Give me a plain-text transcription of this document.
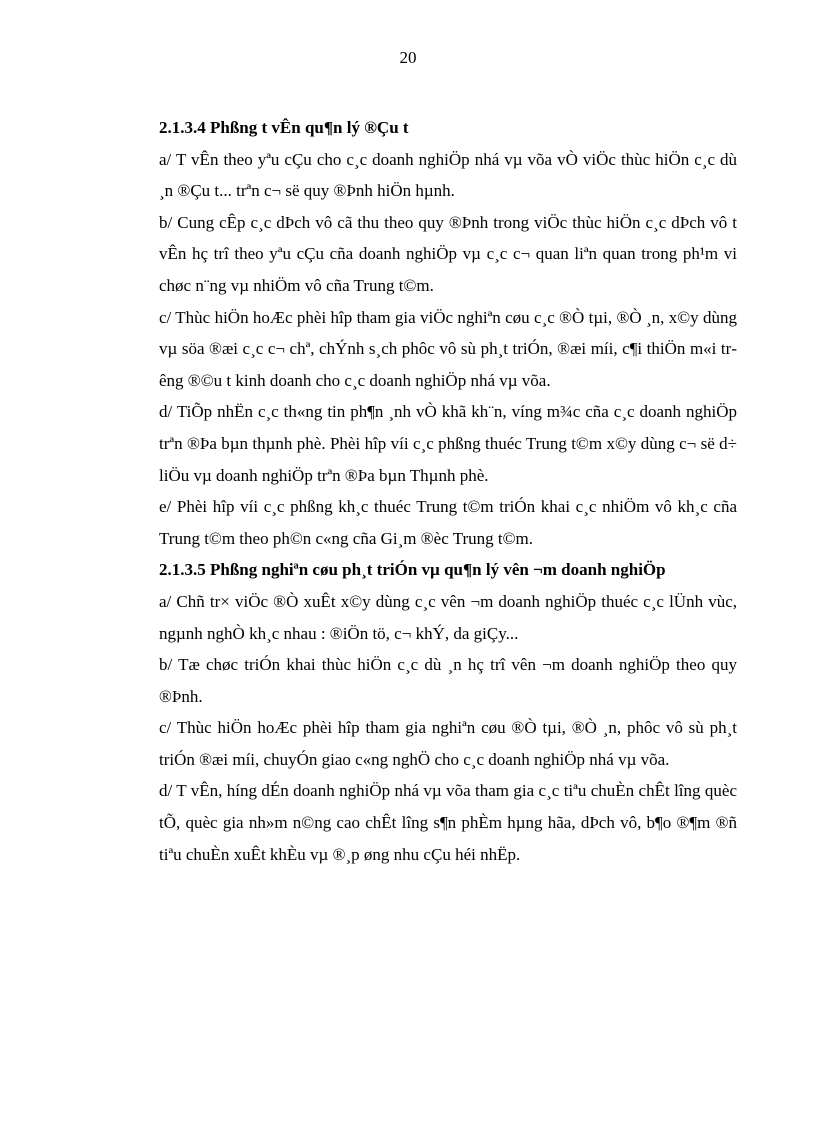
20
2.1.3.4 Phßng t vÊn qu¶n lý ®Çu t

a/ T vÊn theo yªu cÇu cho c¸c doanh nghiÖp nhá vµ võa vÒ viÖc thùc hiÖn c¸c dù ¸n ®Çu t... trªn c¬ së quy ®Þnh hiÖn hµnh.

b/ Cung cÊp c¸c dÞch vô cã thu theo quy ®Þnh trong viÖc thùc hiÖn c¸c dÞch vô t vÊn hç trî theo yªu cÇu cña doanh nghiÖp vµ c¸c c¬ quan liªn quan trong ph¹m vi chøc n¨ng vµ nhiÖm vô cña Trung t©m.

c/ Thùc hiÖn hoÆc phèi hîp tham gia viÖc nghiªn cøu c¸c ®Ò tµi, ®Ò ¸n, x©y dùng vµ söa ®æi c¸c c¬ chª, chÝnh s¸ch phôc vô sù ph¸t triÓn, ®æi míi, c¶i thiÖn m«i trêng ®©u t kinh doanh cho c¸c doanh nghiÖp nhá vµ võa.

d/ TiÕp nhËn c¸c th«ng tin ph¶n ¸nh vÒ khã kh¨n, víng m¾c cña c¸c doanh nghiÖp trªn ®Þa bµn thµnh phè. Phèi hîp víi c¸c phßng thuéc Trung t©m x©y dùng c¬ së d÷ liÖu vµ doanh nghiÖp trªn ®Þa bµn Thµnh phè.

e/ Phèi hîp víi c¸c phßng kh¸c thuéc Trung t©m triÓn khai c¸c nhiÖm vô kh¸c cña Trung t©m theo ph©n c«ng cña Gi¸m ®èc Trung t©m.

2.1.3.5 Phßng nghiªn cøu ph¸t triÓn vµ qu¶n lý vên ¬m doanh nghiÖp

a/ Chñ tr× viÖc ®Ò xuÊt x©y dùng c¸c vên ¬m doanh nghiÖp thuéc c¸c lÜnh vùc, ngµnh nghÒ kh¸c nhau : ®iÖn tö, c¬ khÝ, da giÇy...

b/ Tæ chøc triÓn khai thùc hiÖn c¸c dù ¸n hç trî vên ¬m doanh nghiÖp theo quy ®Þnh.

c/ Thùc hiÖn hoÆc phèi hîp tham gia nghiªn cøu ®Ò tµi, ®Ò ¸n, phôc vô sù ph¸t triÓn ®æi míi, chuyÓn giao c«ng nghÖ cho c¸c doanh nghiÖp nhá vµ võa.

d/ T vÊn, híng dÉn doanh nghiÖp nhá vµ võa tham gia c¸c tiªu chuÈn chÊt lîng quèc tÕ, quèc gia nh»m n©ng cao chÊt lîng s¶n phÈm hµng hãa, dÞch vô, b¶o ®¶m ®ñ tiªu chuÈn xuÊt khÈu vµ ®¸p øng nhu cÇu héi nhËp.
